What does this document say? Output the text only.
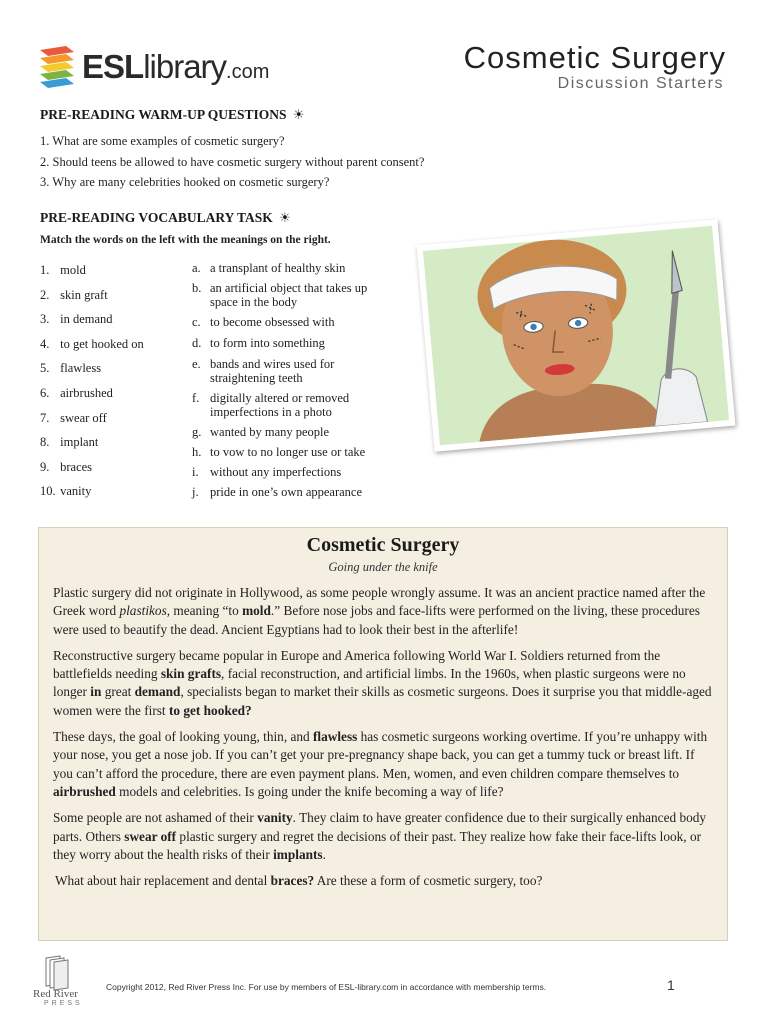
ESLlibrary.com	Cosmetic Surgery
Discussion Starters
PRE-READING WARM-UP QUESTIONS ☀
1. What are some examples of cosmetic surgery?
2. Should teens be allowed to have cosmetic surgery without parent consent?
3. Why are many celebrities hooked on cosmetic surgery?
PRE-READING VOCABULARY TASK ☀
Match the words on the left with the meanings on the right.
1. mold
2. skin graft
3. in demand
4. to get hooked on
5. flawless
6. airbrushed
7. swear off
8. implant
9. braces
10. vanity
a. a transplant of healthy skin
b. an artificial object that takes up space in the body
c. to become obsessed with
d. to form into something
e. bands and wires used for straightening teeth
f. digitally altered or removed imperfections in a photo
g. wanted by many people
h. to vow to no longer use or take
i. without any imperfections
j. pride in one’s own appearance
Cosmetic Surgery
Going under the knife

Plastic surgery did not originate in Hollywood, as some people wrongly assume. It was an ancient practice named after the Greek word plastikos, meaning “to mold.” Before nose jobs and face-lifts were performed on the living, these procedures were used to beautify the dead. Ancient Egyptians had to look their best in the afterlife!

Reconstructive surgery became popular in Europe and America following World War I. Soldiers returned from the battlefields needing skin grafts, facial reconstruction, and artificial limbs. In the 1960s, when plastic surgeons were no longer in great demand, specialists began to market their skills as cosmetic surgeons. Does it surprise you that middle-aged women were the first to get hooked?

These days, the goal of looking young, thin, and flawless has cosmetic surgeons working overtime. If you’re unhappy with your nose, you get a nose job. If you can’t get your pre-pregnancy shape back, you can get a tummy tuck or breast lift. If you can’t afford the procedure, there are even payment plans. Men, women, and even children compare themselves to airbrushed models and celebrities. Is going under the knife becoming a way of life?

Some people are not ashamed of their vanity. They claim to have greater confidence due to their surgically enhanced body parts. Others swear off plastic surgery and regret the decisions of their past. They realize how fake their face-lifts look, or they worry about the health risks of their implants.

What about hair replacement and dental braces? Are these a form of cosmetic surgery, too?

Red River
PRESS
Copyright 2012, Red River Press Inc. For use by members of ESL-library.com in accordance with membership terms.	1
